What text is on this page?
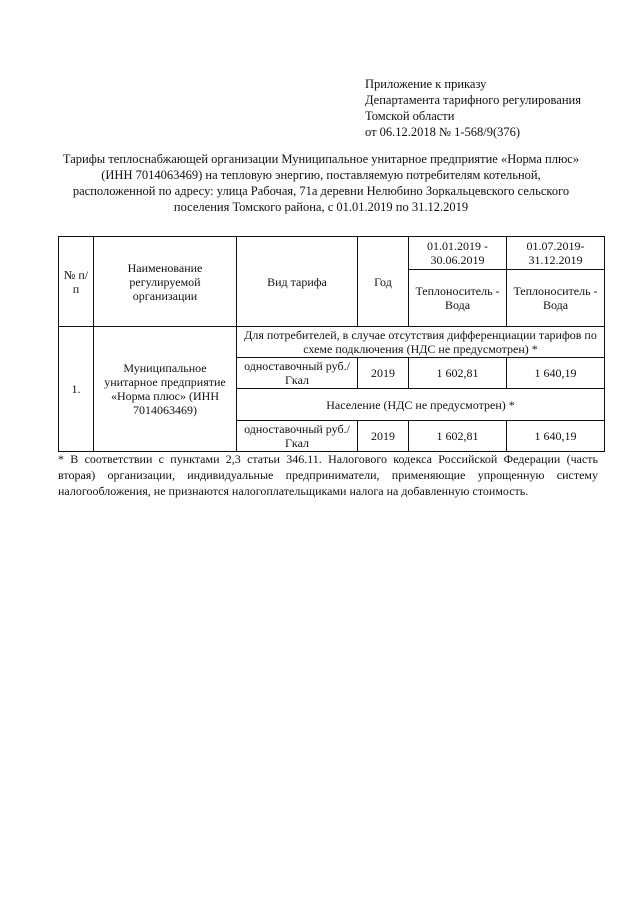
Приложение к приказу
Департамента тарифного регулирования
Томской области
от 06.12.2018 № 1-568/9(376)
Тарифы теплоснабжающей организации Муниципальное унитарное предприятие «Норма плюс»
(ИНН 7014063469) на тепловую энергию, поставляемую потребителям котельной,
расположенной по адресу: улица Рабочая, 71а деревни Нелюбино Зоркальцевского сельского
поселения Томского района, с 01.01.2019 по 31.12.2019
№ п/п	Наименование регулируемой организации	Вид тарифа	Год	01.01.2019 - 30.06.2019	01.07.2019- 31.12.2019
				Теплоноситель - Вода	Теплоноситель - Вода
1.	Муниципальное унитарное предприятие «Норма плюс» (ИНН 7014063469)	Для потребителей, в случае отсутствия дифференциации тарифов по схеме подключения (НДС не предусмотрен) *			
		одноставочный руб./Гкал	2019	1 602,81	1 640,19
		Население (НДС не предусмотрен) *			
		одноставочный руб./Гкал	2019	1 602,81	1 640,19
* В соответствии с пунктами 2,3 статьи 346.11. Налогового кодекса Российской Федерации (часть вторая) организации, индивидуальные предприниматели, применяющие упрощенную систему налогообложения, не признаются налогоплательщиками налога на добавленную стоимость.
